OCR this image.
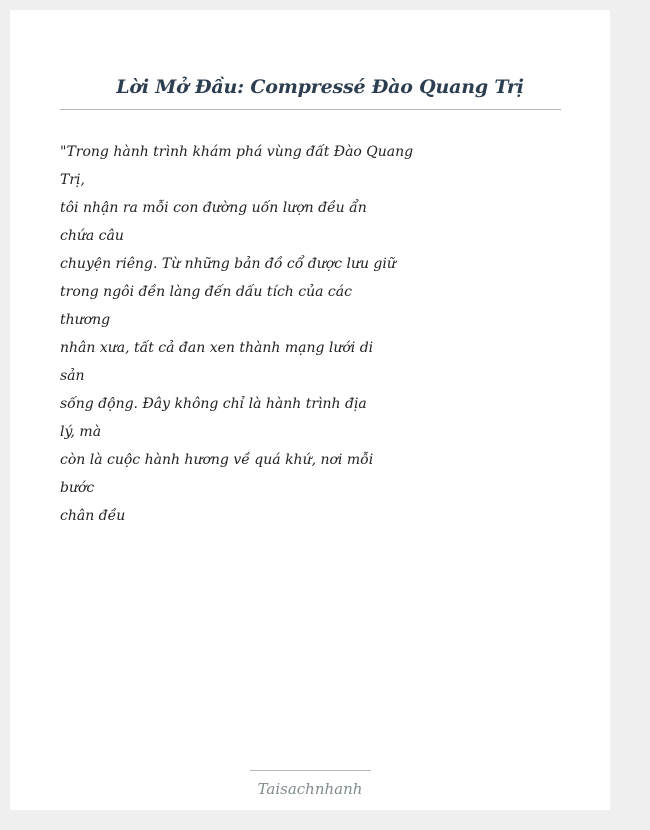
Lời Mở Đầu: Compressé Đào Quang Trị
"Trong hành trình khám phá vùng đất Đào Quang
Trị,
tôi nhận ra mỗi con đường uốn lượn đều ẩn
chứa câu
chuyện riêng. Từ những bản đồ cổ được lưu giữ
trong ngôi đền làng đến dấu tích của các
thương
nhân xưa, tất cả đan xen thành mạng lưới di
sản
sống động. Đây không chỉ là hành trình địa
lý, mà
còn là cuộc hành hương về quá khứ, nơi mỗi
bước
chân đều
Taisachnhanh
